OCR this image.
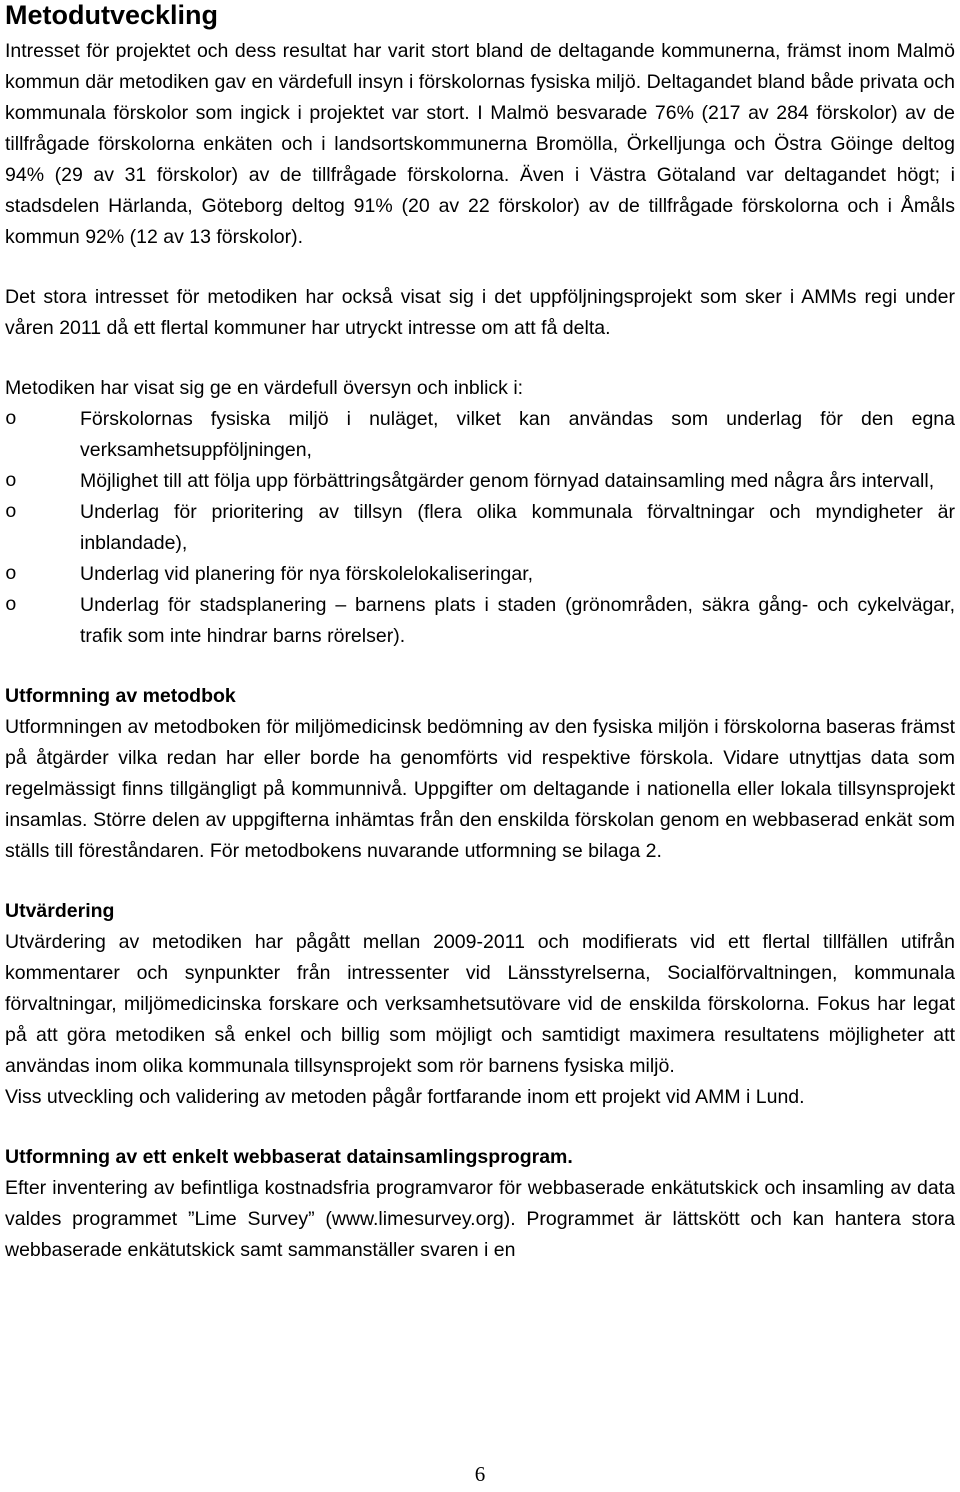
Metodutveckling

Intresset för projektet och dess resultat har varit stort bland de deltagande kommunerna, främst inom Malmö kommun där metodiken gav en värdefull insyn i förskolornas fysiska miljö. Deltagandet bland både privata och kommunala förskolor som ingick i projektet var stort. I Malmö besvarade 76% (217 av 284 förskolor) av de tillfrågade förskolorna enkäten och i landsortskommunerna Bromölla, Örkelljunga och Östra Göinge deltog 94% (29 av 31 förskolor) av de tillfrågade förskolorna. Även i Västra Götaland var deltagandet högt; i stadsdelen Härlanda, Göteborg deltog 91% (20 av 22 förskolor) av de tillfrågade förskolorna och i Åmåls kommun 92% (12 av 13 förskolor).

Det stora intresset för metodiken har också visat sig i det uppföljningsprojekt som sker i AMMs regi under våren 2011 då ett flertal kommuner har utryckt intresse om att få delta.

Metodiken har visat sig ge en värdefull översyn och inblick i:

o	Förskolornas fysiska miljö i nuläget, vilket kan användas som underlag för den egna verksamhetsuppföljningen,
o	Möjlighet till att följa upp förbättringsåtgärder genom förnyad datainsamling med några års intervall,
o	Underlag för prioritering av tillsyn (flera olika kommunala förvaltningar och myndigheter är inblandade),
o	Underlag vid planering för nya förskolelokaliseringar,
o	Underlag för stadsplanering – barnens plats i staden (grönområden, säkra gång- och cykelvägar, trafik som inte hindrar barns rörelser).

Utformning av metodbok

Utformningen av metodboken för miljömedicinsk bedömning av den fysiska miljön i förskolorna baseras främst på åtgärder vilka redan har eller borde ha genomförts vid respektive förskola. Vidare utnyttjas data som regelmässigt finns tillgängligt på kommunnivå. Uppgifter om deltagande i nationella eller lokala tillsynsprojekt insamlas. Större delen av uppgifterna inhämtas från den enskilda förskolan genom en webbaserad enkät som ställs till föreståndaren. För metodbokens nuvarande utformning se bilaga 2.

Utvärdering

Utvärdering av metodiken har pågått mellan 2009-2011 och modifierats vid ett flertal tillfällen utifrån kommentarer och synpunkter från intressenter vid Länsstyrelserna, Socialförvaltningen, kommunala förvaltningar, miljömedicinska forskare och verksamhetsutövare vid de enskilda förskolorna. Fokus har legat på att göra metodiken så enkel och billig som möjligt och samtidigt maximera resultatens möjligheter att användas inom olika kommunala tillsynsprojekt som rör barnens fysiska miljö.

Viss utveckling och validering av metoden pågår fortfarande inom ett projekt vid AMM i Lund.

Utformning av ett enkelt webbaserat datainsamlingsprogram.

Efter inventering av befintliga kostnadsfria programvaror för webbaserade enkätutskick och insamling av data valdes programmet ”Lime Survey” (www.limesurvey.org). Programmet är lättskött och kan hantera stora webbaserade enkätutskick samt sammanställer svaren i en

6
